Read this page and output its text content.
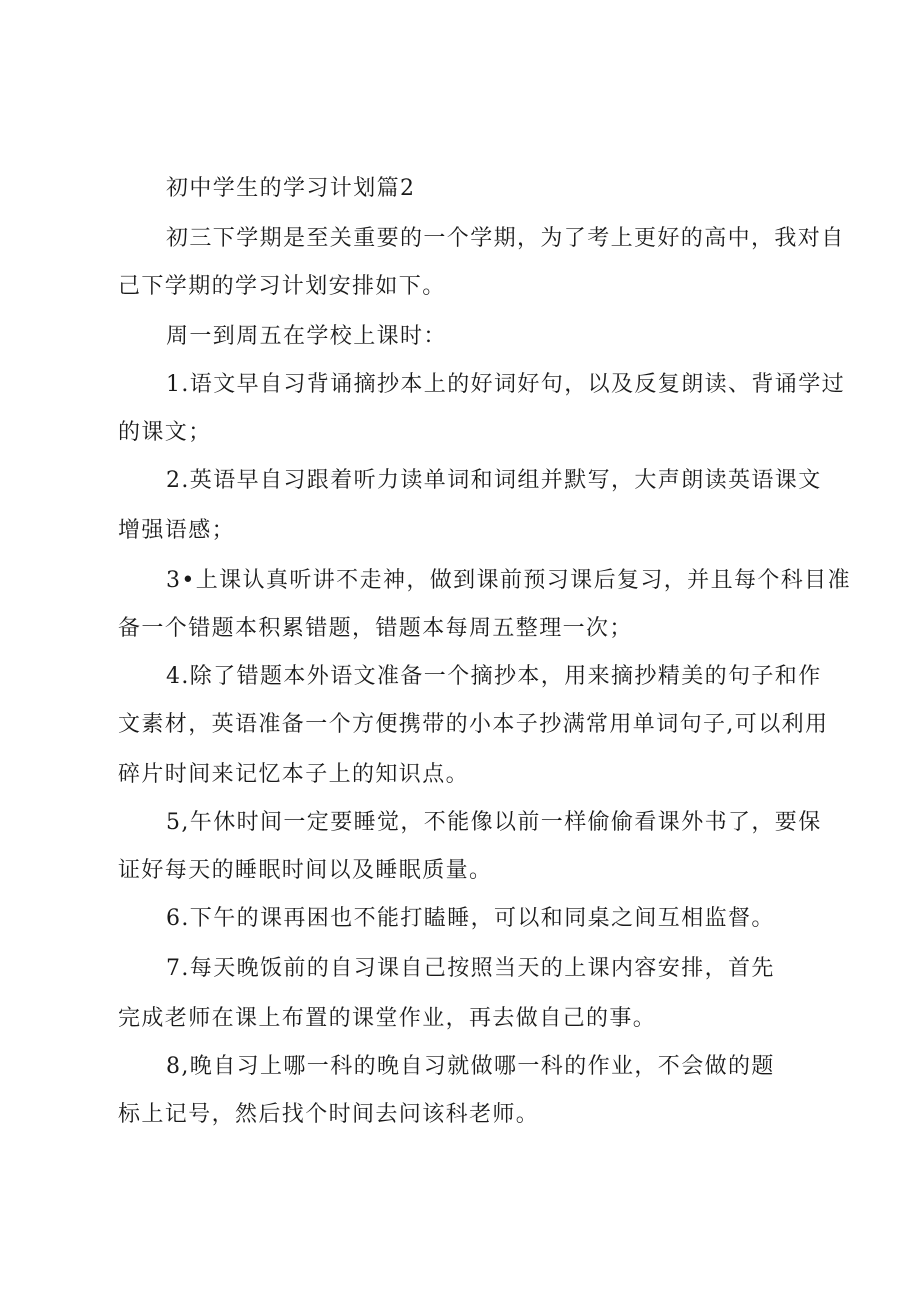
初中学生的学习计划篇2
初三下学期是至关重要的一个学期，为了考上更好的高中，我对自
己下学期的学习计划安排如下。
周一到周五在学校上课时：
1.语文早自习背诵摘抄本上的好词好句，以及反复朗读、背诵学过
的课文；
2.英语早自习跟着听力读单词和词组并默写，大声朗读英语课文
增强语感；
3•上课认真听讲不走神，做到课前预习课后复习，并且每个科目准
备一个错题本积累错题，错题本每周五整理一次；
4.除了错题本外语文准备一个摘抄本，用来摘抄精美的句子和作
文素材，英语准备一个方便携带的小本子抄满常用单词句子,可以利用
碎片时间来记忆本子上的知识点。
5,午休时间一定要睡觉，不能像以前一样偷偷看课外书了，要保
证好每天的睡眠时间以及睡眠质量。
6.下午的课再困也不能打瞌睡，可以和同桌之间互相监督。
7.每天晚饭前的自习课自己按照当天的上课内容安排，首先
完成老师在课上布置的课堂作业，再去做自己的事。
8,晚自习上哪一科的晚自习就做哪一科的作业，不会做的题
标上记号，然后找个时间去问该科老师。
